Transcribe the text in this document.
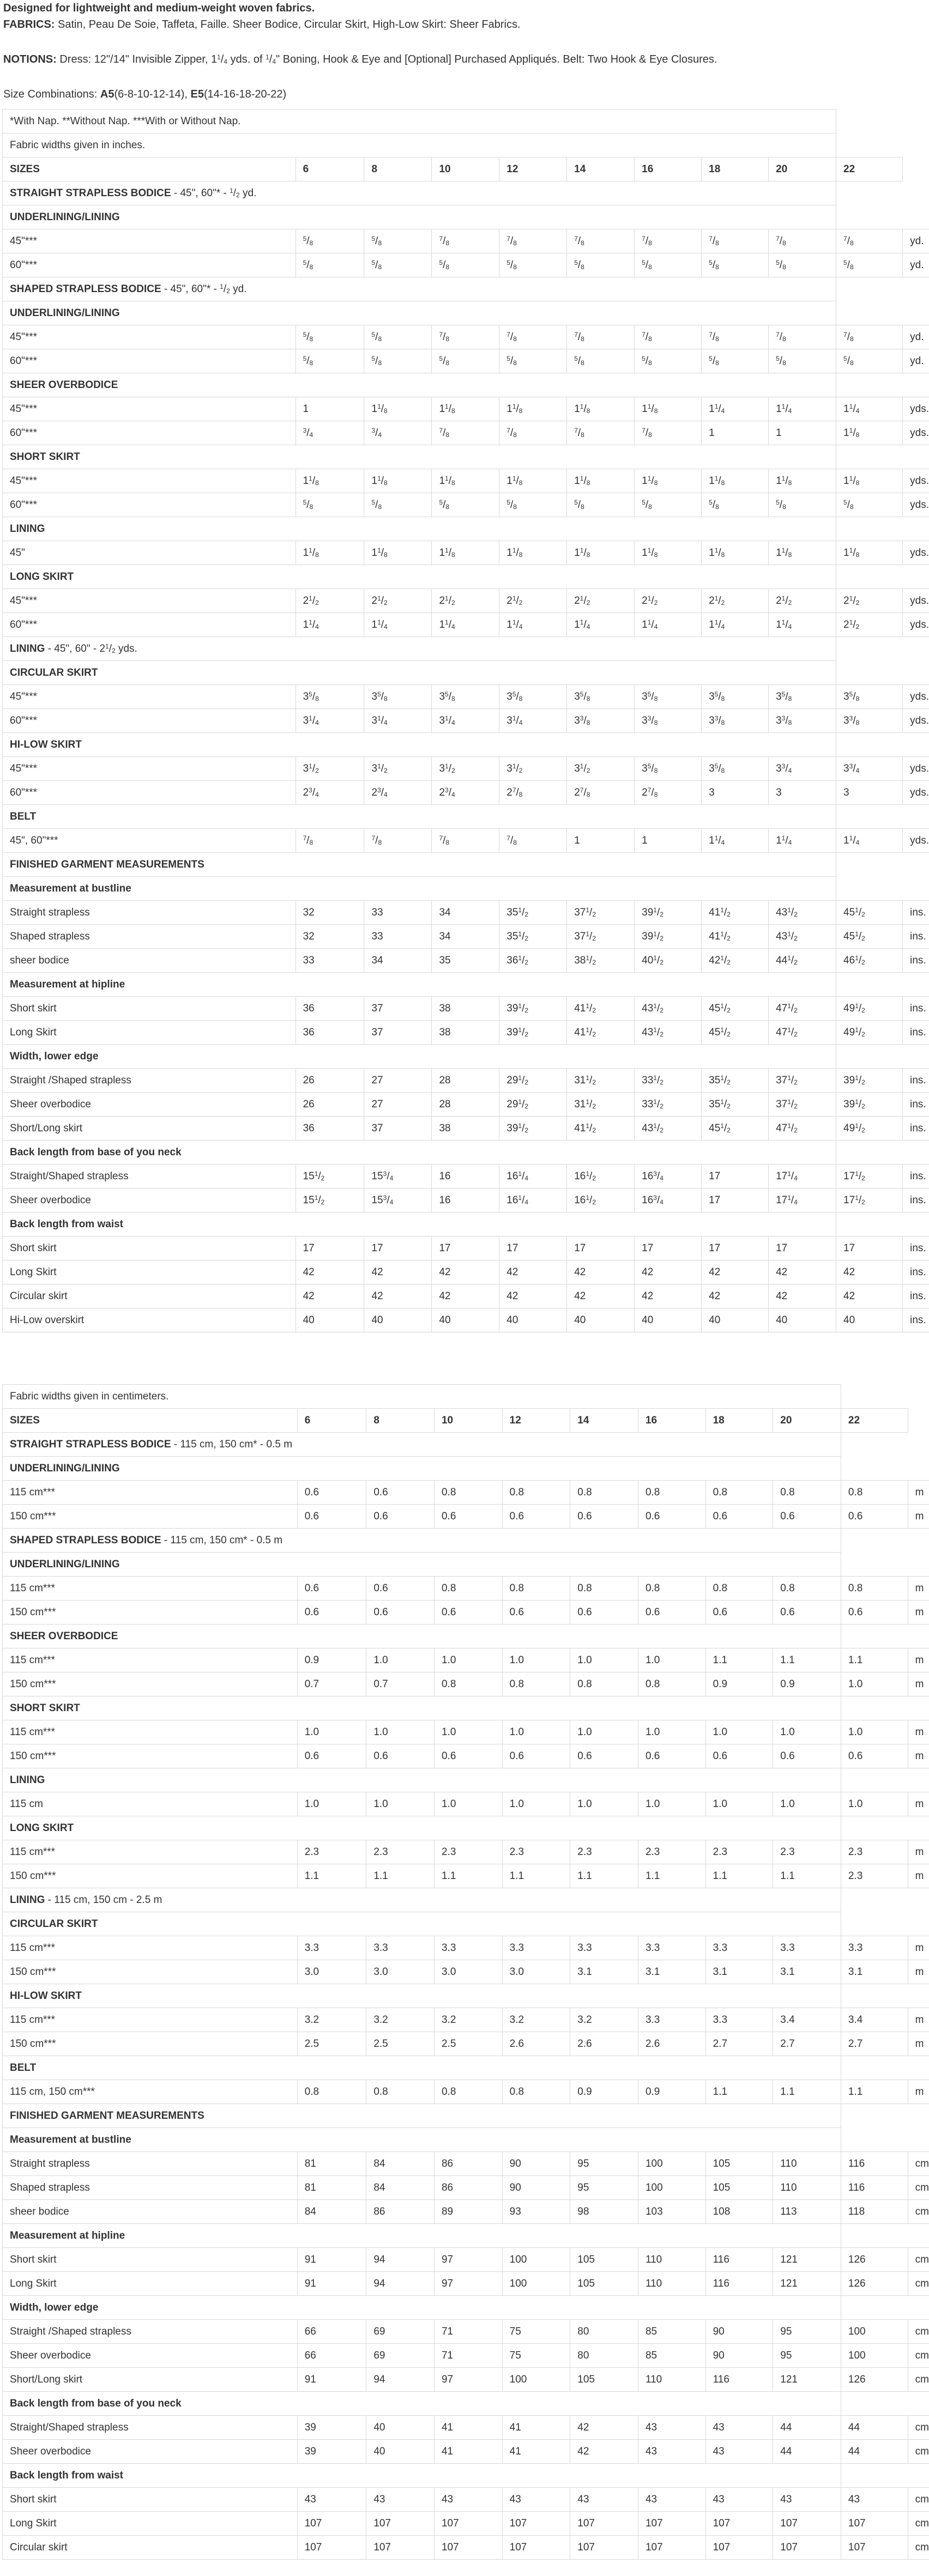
Designed for lightweight and medium-weight woven fabrics.

FABRICS: Satin, Peau De Soie, Taffeta, Faille. Sheer Bodice, Circular Skirt, High-Low Skirt: Sheer Fabrics.

NOTIONS: Dress: 12"/14" Invisible Zipper, $1^1/_4$ yds. of $^1/_4$" Boning, Hook & Eye and [Optional] Purchased Appliqués. Belt: Two Hook & Eye Closures.

Size Combinations: A5(6-8-10-12-14), E5(14-16-18-20-22)

*With Nap. **Without Nap. ***With or Without Nap.										
Fabric widths given in inches.										
SIZES	6	8	10	12	14	16	18	20	22	
STRAIGHT STRAPLESS BODICE - 45", 60"* - $^1/_2$ yd.										
UNDERLINING/LINING										
45"***	$^5/_8$	$^5/_8$	$^7/_8$	$^7/_8$	$^7/_8$	$^7/_8$	$^7/_8$	$^7/_8$	$^7/_8$	yd.
60"***	$^5/_8$	$^5/_8$	$^5/_8$	$^5/_8$	$^5/_8$	$^5/_8$	$^5/_8$	$^5/_8$	$^5/_8$	yd.
SHAPED STRAPLESS BODICE - 45", 60"* - $^1/_2$ yd.										
UNDERLINING/LINING										
45"***	$^5/_8$	$^5/_8$	$^7/_8$	$^7/_8$	$^7/_8$	$^7/_8$	$^7/_8$	$^7/_8$	$^7/_8$	yd.
60"***	$^5/_8$	$^5/_8$	$^5/_8$	$^5/_8$	$^5/_8$	$^5/_8$	$^5/_8$	$^5/_8$	$^5/_8$	yd.
SHEER OVERBODICE										
45"***	1	$1^1/_8$	$1^1/_8$	$1^1/_8$	$1^1/_8$	$1^1/_8$	$1^1/_4$	$1^1/_4$	$1^1/_4$	yds.
60"***	$^3/_4$	$^3/_4$	$^7/_8$	$^7/_8$	$^7/_8$	$^7/_8$	1	1	$1^1/_8$	yds.
SHORT SKIRT										
45"***	$1^1/_8$	$1^1/_8$	$1^1/_8$	$1^1/_8$	$1^1/_8$	$1^1/_8$	$1^1/_8$	$1^1/_8$	$1^1/_8$	yds.
60"***	$^5/_8$	$^5/_8$	$^5/_8$	$^5/_8$	$^5/_8$	$^5/_8$	$^5/_8$	$^5/_8$	$^5/_8$	yds.
LINING										
45"	$1^1/_8$	$1^1/_8$	$1^1/_8$	$1^1/_8$	$1^1/_8$	$1^1/_8$	$1^1/_8$	$1^1/_8$	$1^1/_8$	yds.
LONG SKIRT										
45"***	$2^1/_2$	$2^1/_2$	$2^1/_2$	$2^1/_2$	$2^1/_2$	$2^1/_2$	$2^1/_2$	$2^1/_2$	$2^1/_2$	yds.
60"***	$1^1/_4$	$1^1/_4$	$1^1/_4$	$1^1/_4$	$1^1/_4$	$1^1/_4$	$1^1/_4$	$1^1/_4$	$2^1/_2$	yds.
LINING - 45", 60" - $2^1/_2$ yds.										
CIRCULAR SKIRT										
45"***	$3^5/_8$	$3^5/_8$	$3^5/_8$	$3^5/_8$	$3^5/_8$	$3^5/_8$	$3^5/_8$	$3^5/_8$	$3^5/_8$	yds.
60"***	$3^1/_4$	$3^1/_4$	$3^1/_4$	$3^1/_4$	$3^3/_8$	$3^3/_8$	$3^3/_8$	$3^3/_8$	$3^3/_8$	yds.
HI-LOW SKIRT										
45"***	$3^1/_2$	$3^1/_2$	$3^1/_2$	$3^1/_2$	$3^1/_2$	$3^5/_8$	$3^5/_8$	$3^3/_4$	$3^3/_4$	yds.
60"***	$2^3/_4$	$2^3/_4$	$2^3/_4$	$2^7/_8$	$2^7/_8$	$2^7/_8$	3	3	3	yds.
BELT										
45", 60"***	$^7/_8$	$^7/_8$	$^7/_8$	$^7/_8$	1	1	$1^1/_4$	$1^1/_4$	$1^1/_4$	yds.
FINISHED GARMENT MEASUREMENTS										
Measurement at bustline										
Straight strapless	32	33	34	$35^1/_2$	$37^1/_2$	$39^1/_2$	$41^1/_2$	$43^1/_2$	$45^1/_2$	ins.
Shaped strapless	32	33	34	$35^1/_2$	$37^1/_2$	$39^1/_2$	$41^1/_2$	$43^1/_2$	$45^1/_2$	ins.
sheer bodice	33	34	35	$36^1/_2$	$38^1/_2$	$40^1/_2$	$42^1/_2$	$44^1/_2$	$46^1/_2$	ins.
Measurement at hipline										
Short skirt	36	37	38	$39^1/_2$	$41^1/_2$	$43^1/_2$	$45^1/_2$	$47^1/_2$	$49^1/_2$	ins.
Long Skirt	36	37	38	$39^1/_2$	$41^1/_2$	$43^1/_2$	$45^1/_2$	$47^1/_2$	$49^1/_2$	ins.
Width, lower edge										
Straight /Shaped strapless	26	27	28	$29^1/_2$	$31^1/_2$	$33^1/_2$	$35^1/_2$	$37^1/_2$	$39^1/_2$	ins.
Sheer overbodice	26	27	28	$29^1/_2$	$31^1/_2$	$33^1/_2$	$35^1/_2$	$37^1/_2$	$39^1/_2$	ins.
Short/Long skirt	36	37	38	$39^1/_2$	$41^1/_2$	$43^1/_2$	$45^1/_2$	$47^1/_2$	$49^1/_2$	ins.
Back length from base of you neck										
Straight/Shaped strapless	$15^1/_2$	$15^3/_4$	16	$16^1/_4$	$16^1/_2$	$16^3/_4$	17	$17^1/_4$	$17^1/_2$	ins.
Sheer overbodice	$15^1/_2$	$15^3/_4$	16	$16^1/_4$	$16^1/_2$	$16^3/_4$	17	$17^1/_4$	$17^1/_2$	ins.
Back length from waist										
Short skirt	17	17	17	17	17	17	17	17	17	ins.
Long Skirt	42	42	42	42	42	42	42	42	42	ins.
Circular skirt	42	42	42	42	42	42	42	42	42	ins.
Hi-Low overskirt	40	40	40	40	40	40	40	40	40	ins.
Fabric widths given in centimeters.										
SIZES	6	8	10	12	14	16	18	20	22	
STRAIGHT STRAPLESS BODICE - 115 cm, 150 cm* - 0.5 m										
UNDERLINING/LINING										
115 cm***	0.6	0.6	0.8	0.8	0.8	0.8	0.8	0.8	0.8	m
150 cm***	0.6	0.6	0.6	0.6	0.6	0.6	0.6	0.6	0.6	m
SHAPED STRAPLESS BODICE - 115 cm, 150 cm* - 0.5 m										
UNDERLINING/LINING										
115 cm***	0.6	0.6	0.8	0.8	0.8	0.8	0.8	0.8	0.8	m
150 cm***	0.6	0.6	0.6	0.6	0.6	0.6	0.6	0.6	0.6	m
SHEER OVERBODICE										
115 cm***	0.9	1.0	1.0	1.0	1.0	1.0	1.1	1.1	1.1	m
150 cm***	0.7	0.7	0.8	0.8	0.8	0.8	0.9	0.9	1.0	m
SHORT SKIRT										
115 cm***	1.0	1.0	1.0	1.0	1.0	1.0	1.0	1.0	1.0	m
150 cm***	0.6	0.6	0.6	0.6	0.6	0.6	0.6	0.6	0.6	m
LINING										
115 cm	1.0	1.0	1.0	1.0	1.0	1.0	1.0	1.0	1.0	m
LONG SKIRT										
115 cm***	2.3	2.3	2.3	2.3	2.3	2.3	2.3	2.3	2.3	m
150 cm***	1.1	1.1	1.1	1.1	1.1	1.1	1.1	1.1	2.3	m
LINING - 115 cm, 150 cm - 2.5 m										
CIRCULAR SKIRT										
115 cm***	3.3	3.3	3.3	3.3	3.3	3.3	3.3	3.3	3.3	m
150 cm***	3.0	3.0	3.0	3.0	3.1	3.1	3.1	3.1	3.1	m
HI-LOW SKIRT										
115 cm***	3.2	3.2	3.2	3.2	3.2	3.3	3.3	3.4	3.4	m
150 cm***	2.5	2.5	2.5	2.6	2.6	2.6	2.7	2.7	2.7	m
BELT										
115 cm, 150 cm***	0.8	0.8	0.8	0.8	0.9	0.9	1.1	1.1	1.1	m
FINISHED GARMENT MEASUREMENTS										
Measurement at bustline										
Straight strapless	81	84	86	90	95	100	105	110	116	cm
Shaped strapless	81	84	86	90	95	100	105	110	116	cm
sheer bodice	84	86	89	93	98	103	108	113	118	cm
Measurement at hipline										
Short skirt	91	94	97	100	105	110	116	121	126	cm
Long Skirt	91	94	97	100	105	110	116	121	126	cm
Width, lower edge										
Straight /Shaped strapless	66	69	71	75	80	85	90	95	100	cm
Sheer overbodice	66	69	71	75	80	85	90	95	100	cm
Short/Long skirt	91	94	97	100	105	110	116	121	126	cm
Back length from base of you neck										
Straight/Shaped strapless	39	40	41	41	42	43	43	44	44	cm
Sheer overbodice	39	40	41	41	42	43	43	44	44	cm
Back length from waist										
Short skirt	43	43	43	43	43	43	43	43	43	cm
Long Skirt	107	107	107	107	107	107	107	107	107	cm
Circular skirt	107	107	107	107	107	107	107	107	107	cm
